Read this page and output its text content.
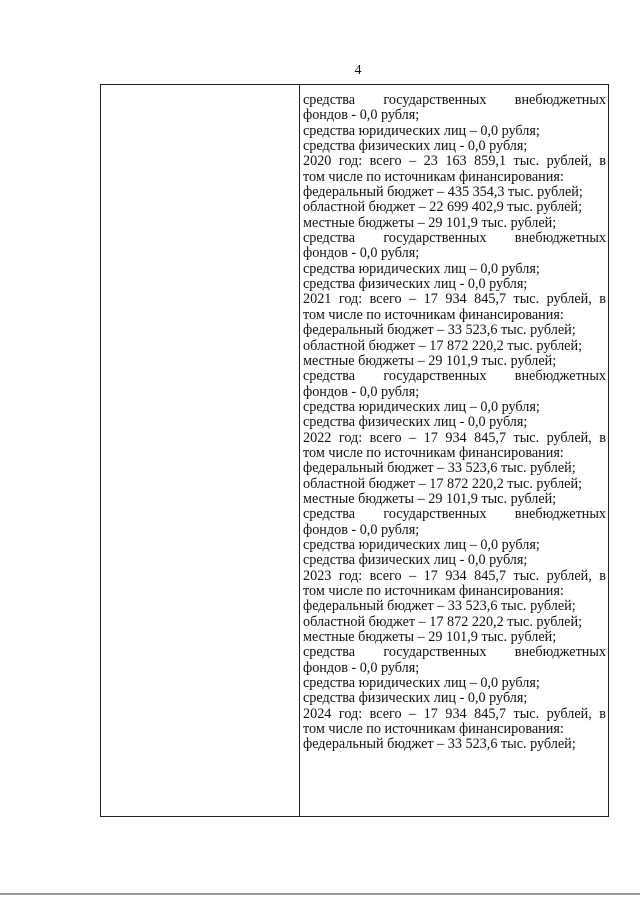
4
средства государственных внебюджетных
фондов - 0,0 рубля;
средства юридических лиц – 0,0 рубля;
средства физических лиц - 0,0 рубля;
2020 год: всего – 23 163 859,1 тыс. рублей, в
том числе по источникам финансирования:
федеральный бюджет – 435 354,3 тыс. рублей;
областной бюджет – 22 699 402,9 тыс. рублей;
местные бюджеты – 29 101,9 тыс. рублей;
средства государственных внебюджетных
фондов - 0,0 рубля;
средства юридических лиц – 0,0 рубля;
средства физических лиц - 0,0 рубля;
2021 год: всего – 17 934 845,7 тыс. рублей, в
том числе по источникам финансирования:
федеральный бюджет – 33 523,6 тыс. рублей;
областной бюджет – 17 872 220,2 тыс. рублей;
местные бюджеты – 29 101,9 тыс. рублей;
средства государственных внебюджетных
фондов - 0,0 рубля;
средства юридических лиц – 0,0 рубля;
средства физических лиц - 0,0 рубля;
2022 год: всего – 17 934 845,7 тыс. рублей, в
том числе по источникам финансирования:
федеральный бюджет – 33 523,6 тыс. рублей;
областной бюджет – 17 872 220,2 тыс. рублей;
местные бюджеты – 29 101,9 тыс. рублей;
средства государственных внебюджетных
фондов - 0,0 рубля;
средства юридических лиц – 0,0 рубля;
средства физических лиц - 0,0 рубля;
2023 год: всего – 17 934 845,7 тыс. рублей, в
том числе по источникам финансирования:
федеральный бюджет – 33 523,6 тыс. рублей;
областной бюджет – 17 872 220,2 тыс. рублей;
местные бюджеты – 29 101,9 тыс. рублей;
средства государственных внебюджетных
фондов - 0,0 рубля;
средства юридических лиц – 0,0 рубля;
средства физических лиц - 0,0 рубля;
2024 год: всего – 17 934 845,7 тыс. рублей, в
том числе по источникам финансирования:
федеральный бюджет – 33 523,6 тыс. рублей;
